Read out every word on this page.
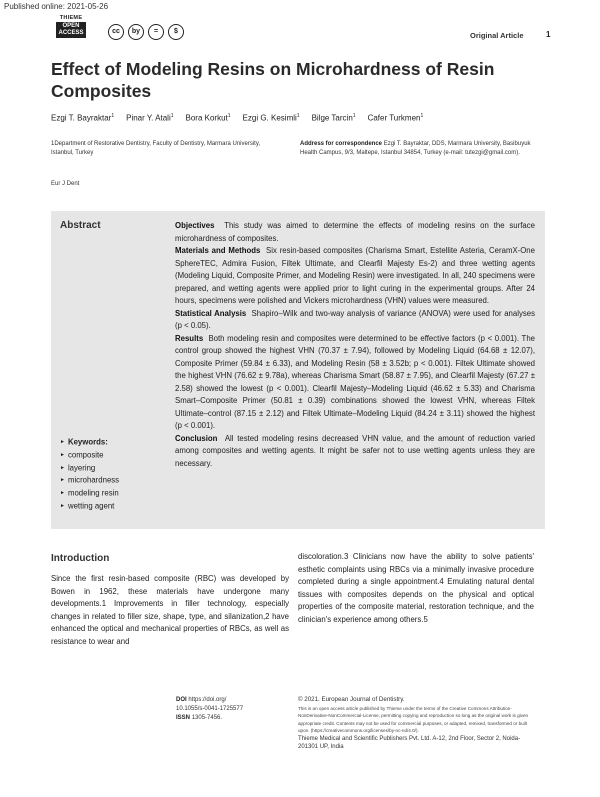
Published online: 2021-05-26
THIEME
OPEN ACCESS	cc	by	=	$	Original Article	1
Effect of Modeling Resins on Microhardness of Resin Composites
Ezgi T. Bayraktar$^1$ Pinar Y. Atali$^1$ Bora Korkut$^1$ Ezgi G. Kesimli$^1$ Bilge Tarcin$^1$ Cafer Turkmen$^1$
1Department of Restorative Dentistry, Faculty of Dentistry, Marmara University, Istanbul, Turkey
Address for correspondence Ezgi T. Bayraktar, DDS, Marmara University, Basibuyuk Health Campus, 9/3, Maltepe, Istanbul 34854, Turkey (e-mail: tutezgi@gmail.com).
Eur J Dent
Abstract	Objectives This study was aimed to determine the effects of modeling resins on the surface microhardness of composites.

Materials and Methods Six resin-based composites (Charisma Smart, Estellite Asteria, CeramX-One SphereTEC, Admira Fusion, Filtek Ultimate, and Clearfil Majesty Es-2) and three wetting agents (Modeling Liquid, Composite Primer, and Modeling Resin) were investigated. In all, 240 specimens were prepared, and wetting agents were applied prior to light curing in the experimental groups. After 24 hours, specimens were polished and Vickers microhardness (VHN) values were measured.

Statistical Analysis Shapiro–Wilk and two-way analysis of variance (ANOVA) were used for analyses (p < 0.05).

Results Both modeling resin and composites were determined to be effective factors (p < 0.001). The control group showed the highest VHN (70.37 ± 7.94), followed by Modeling Liquid (64.68 ± 12.07), Composite Primer (59.84 ± 6.33), and Modeling Resin (58 ± 3.52b; p < 0.001). Filtek Ultimate showed the highest VHN (76.62 ± 9.78a), whereas Charisma Smart (58.87 ± 7.95), and Clearfil Majesty (67.27 ± 2.58) showed the lowest (p < 0.001). Clearfil Majesty–Modeling Liquid (46.62 ± 5.33) and Charisma Smart–Composite Primer (50.81 ± 0.39) combinations showed the lowest VHN, whereas Filtek Ultimate–control (87.15 ± 2.12) and Filtek Ultimate–Modeling Liquid (84.24 ± 3.11) showed the highest (p < 0.001).

Conclusion All tested modeling resins decreased VHN value, and the amount of reduction varied among composites and wetting agents. It might be safer not to use wetting agents unless they are necessary.

► Keywords:
► composite
► layering
► microhardness
► modeling resin
► wetting agent
Introduction
Since the first resin-based composite (RBC) was developed by Bowen in 1962, these materials have undergone many developments.1 Improvements in filler technology, especially changes in related to filler size, shape, type, and silanization,2 have enhanced the optical and mechanical properties of RBCs, as well as resistance to wear and
discoloration.3 Clinicians now have the ability to solve patients' esthetic complaints using RBCs via a minimally invasive procedure completed during a single appointment.4 Emulating natural dental tissues with composites depends on the physical and optical properties of the composite material, restoration technique, and the clinician's experience among others.5
DOI https://doi.org/
10.1055/s-0041-1725577
ISSN 1305-7456.
© 2021. European Journal of Dentistry.
This is an open access article published by Thieme under the terms of the Creative Commons Attribution-NonDerivative-NonCommercial-License, permitting copying and reproduction so long as the original work is given appropriate credit. Contents may not be used for commercial purposes, or adapted, remixed, transformed or built upon. (https://creativecommons.org/licenses/by-nc-nd/4.0/).
Thieme Medical and Scientific Publishers Pvt. Ltd. A-12, 2nd Floor, Sector 2, Noida-201301 UP, India
